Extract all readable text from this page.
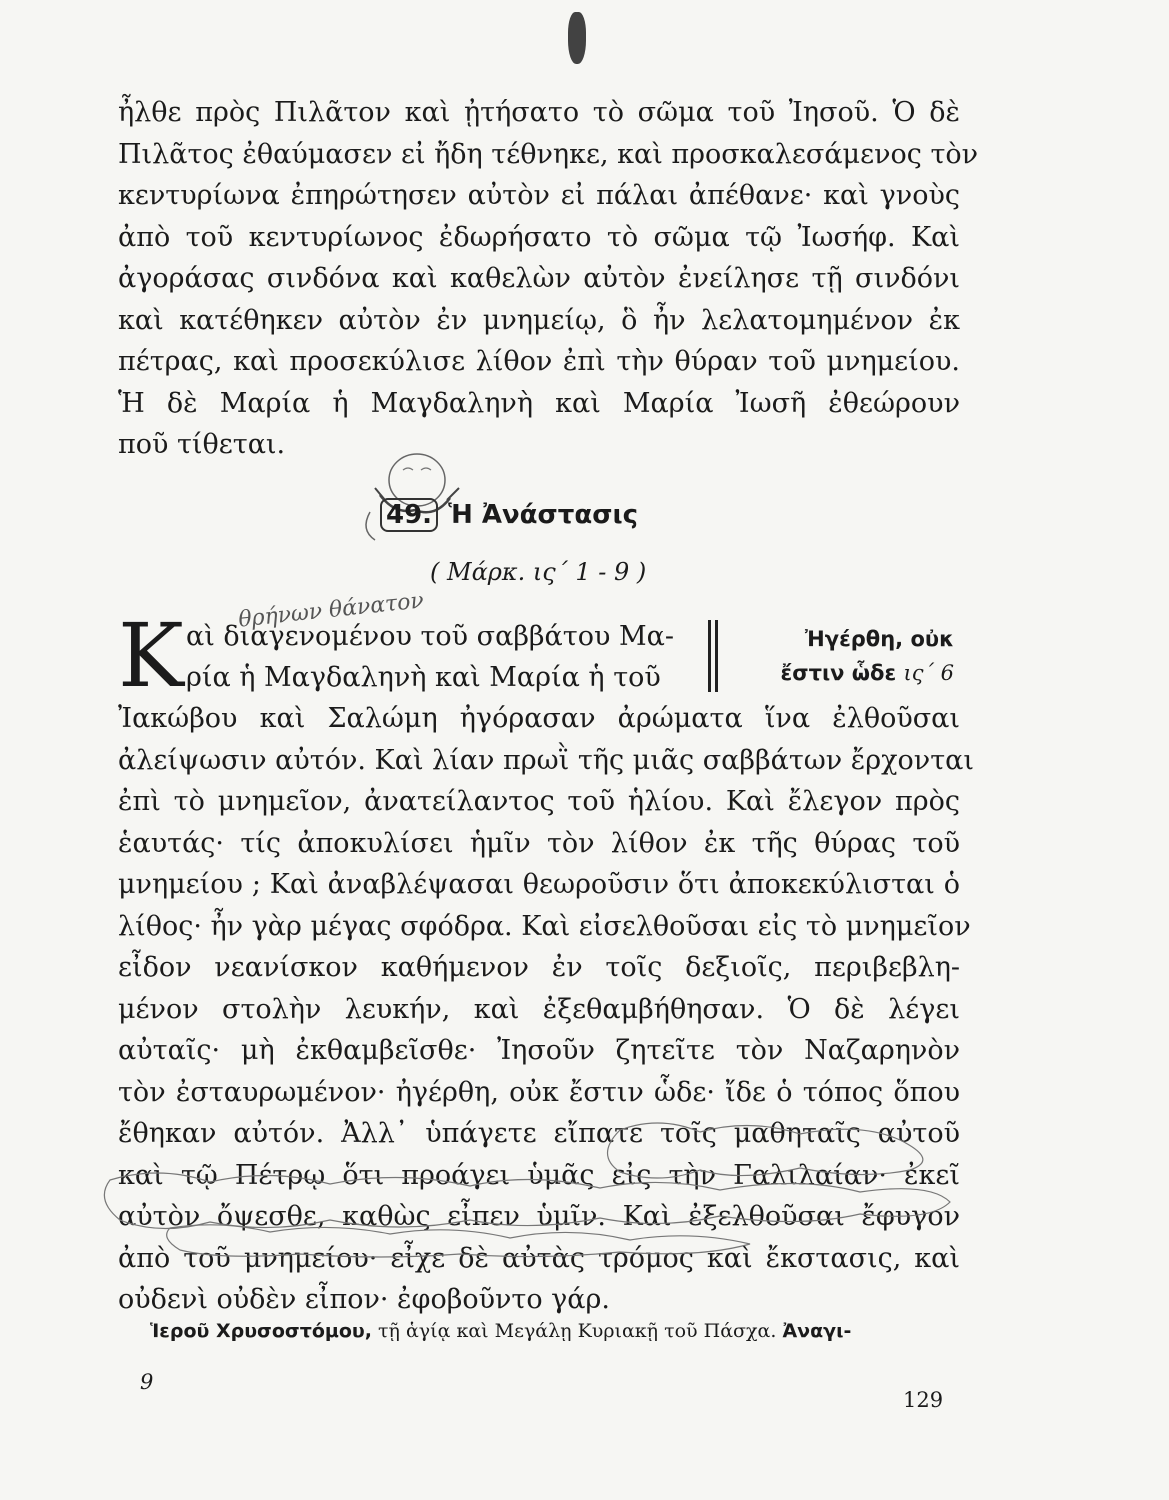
ἦλθε πρὸς Πιλᾶτον καὶ ᾐτήσατο τὸ σῶμα τοῦ Ἰησοῦ. Ὁ δὲ
Πιλᾶτος ἐθαύμασεν εἰ ἤδη τέθνηκε, καὶ προσκαλεσάμενος τὸν
κεντυρίωνα ἐπηρώτησεν αὐτὸν εἰ πάλαι ἀπέθανε· καὶ γνοὺς
ἀπὸ τοῦ κεντυρίωνος ἐδωρήσατο τὸ σῶμα τῷ Ἰωσήφ. Καὶ
ἀγοράσας σινδόνα καὶ καθελὼν αὐτὸν ἐνείλησε τῇ σινδόνι
καὶ κατέθηκεν αὐτὸν ἐν μνημείῳ, ὃ ἦν λελατομημένον ἐκ
πέτρας, καὶ προσεκύλισε λίθον ἐπὶ τὴν θύραν τοῦ μνημείου.
Ἡ δὲ Μαρία ἡ Μαγδαληνὴ καὶ Μαρία Ἰωσῆ ἐθεώρουν
ποῦ τίθεται.
49. Ἡ Ἀνάστασις
( Μάρκ. ις΄ 1 - 9 )
θρήνων θάνατον
Κ αὶ διαγενομένου τοῦ σαββάτου Μα-
ρία ἡ Μαγδαληνὴ καὶ Μαρία ἡ τοῦ
Ἠγέρθη, οὐκ
ἔστιν ὧδε ις΄ 6
Ἰακώβου καὶ Σαλώμη ἠγόρασαν ἀρώματα ἵνα ἐλθοῦσαι
ἀλείψωσιν αὐτόν. Καὶ λίαν πρωῒ τῆς μιᾶς σαββάτων ἔρχονται
ἐπὶ τὸ μνημεῖον, ἀνατείλαντος τοῦ ἡλίου. Καὶ ἔλεγον πρὸς
ἑαυτάς· τίς ἀποκυλίσει ἡμῖν τὸν λίθον ἐκ τῆς θύρας τοῦ
μνημείου ; Καὶ ἀναβλέψασαι θεωροῦσιν ὅτι ἀποκεκύλισται ὁ
λίθος· ἦν γὰρ μέγας σφόδρα. Καὶ εἰσελθοῦσαι εἰς τὸ μνημεῖον
εἶδον νεανίσκον καθήμενον ἐν τοῖς δεξιοῖς, περιβεβλη-
μένον στολὴν λευκήν, καὶ ἐξεθαμβήθησαν. Ὁ δὲ λέγει
αὐταῖς· μὴ ἐκθαμβεῖσθε· Ἰησοῦν ζητεῖτε τὸν Ναζαρηνὸν
τὸν ἐσταυρωμένον· ἠγέρθη, οὐκ ἔστιν ὧδε· ἴδε ὁ τόπος ὅπου
ἔθηκαν αὐτόν. Ἀλλ᾽ ὑπάγετε εἴπατε τοῖς μαθηταῖς αὐτοῦ
καὶ τῷ Πέτρῳ ὅτι προάγει ὑμᾶς εἰς τὴν Γαλιλαίαν· ἐκεῖ
αὐτὸν ὄψεσθε, καθὼς εἶπεν ὑμῖν. Καὶ ἐξελθοῦσαι ἔφυγον
ἀπὸ τοῦ μνημείου· εἶχε δὲ αὐτὰς τρόμος καὶ ἔκστασις, καὶ
οὐδενὶ οὐδὲν εἶπον· ἐφοβοῦντο γάρ.
Ἱεροῦ Χρυσοστόμου, τῇ ἁγίᾳ καὶ Μεγάλῃ Κυριακῇ τοῦ Πάσχα. Ἀναγι-
9
129
